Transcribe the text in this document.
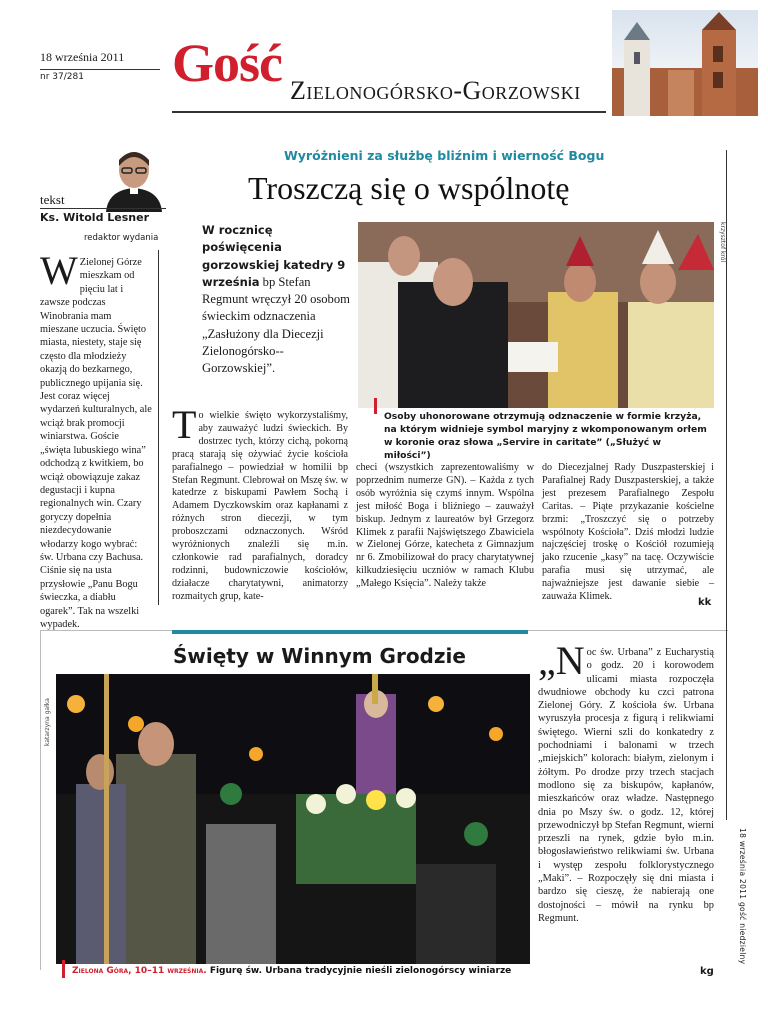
18 września 2011
nr 37/281 Gość Zielonogórsko-Gorzowski
tekst
Ks. Witold Lesner
redaktor wydania
W Zielonej Górze mieszkam od pięciu lat i zawsze podczas Winobrania mam mieszane uczucia. Święto miasta, niestety, staje się często dla młodzieży okazją do bezkarnego, publicznego upijania się. Jest coraz więcej wydarzeń kulturalnych, ale wciąż brak promocji winiarstwa. Goście „święta lubuskiego wina” odchodzą z kwitkiem, bo wciąż obowiązuje zakaz degustacji i kupna regionalnych win. Czary goryczy dopełnia niezdecydowanie włodarzy kogo wybrać: św. Urbana czy Bachusa. Ciśnie się na usta przysłowie „Panu Bogu świeczka, a diabłu ogarek”. Tak na wszelki wypadek.
Wyróżnieni za służbę bliźnim i wierność Bogu
Troszczą się o wspólnotę
W rocznicę poświęcenia gorzowskiej katedry 9 września bp Stefan Regmunt wręczył 20 osobom świeckim odznaczenia „Zasłużony dla Diecezji Zielonogórsko--Gorzowskiej”.
krzysztof król
Osoby uhonorowane otrzymują odznaczenie w formie krzyża, na którym widnieje symbol maryjny z wkomponowanym orłem w koronie oraz słowa „Servire in caritate” („Służyć w miłości”)
To wielkie święto wykorzystaliśmy, aby zauważyć ludzi świeckich. By dostrzec tych, którzy cichą, pokorną pracą starają się ożywiać życie kościoła parafialnego – powiedział w homilii bp Stefan Regmunt. Clebrował on Mszę św. w katedrze z biskupami Pawłem Sochą i Adamem Dyczkowskim oraz kapłanami z różnych stron diecezji, w tym proboszczami odznaczonych. Wśród wyróżnionych znaleźli się m.in. członkowie rad parafialnych, doradcy rodzinni, budowniczowie kościołów, działacze charytatywni, animatorzy rozmaitych grup, kate-
checi (wszystkich zaprezentowaliśmy w poprzednim numerze GN). – Każda z tych osób wyróżnia się czymś innym. Wspólna jest miłość Boga i bliźniego – zauważył biskup. Jednym z laureatów był Grzegorz Klimek z parafii Najświętszego Zbawiciela w Zielonej Górze, katecheta z Gimnazjum nr 6. Zmobilizował do pracy charytatywnej kilkudziesięciu uczniów w ramach Klubu „Małego Księcia”. Należy także
do Diecezjalnej Rady Duszpasterskiej i Parafialnej Rady Duszpasterskiej, a także jest prezesem Parafialnego Zespołu Caritas. – Piąte przykazanie kościelne brzmi: „Troszczyć się o potrzeby wspólnoty Kościoła”. Dziś młodzi ludzie najczęściej troskę o Kościół rozumieją jako rzucenie „kasy” na tacę. Oczywiście parafia musi się utrzymać, ale najważniejsze jest dawanie siebie – zauważa Klimek.
kk
Święty w Winnym Grodzie
katarzyna gałka
Zielona Góra, 10–11 września. Figurę św. Urbana tradycyjnie nieśli zielonogórscy winiarze
„Noc św. Urbana” z Eucharystią o godz. 20 i korowodem ulicami miasta rozpoczęła dwudniowe obchody ku czci patrona Zielonej Góry. Z kościoła św. Urbana wyruszyła procesja z figurą i relikwiami świętego. Wierni szli do konkatedry z pochodniami i balonami w trzech „miejskich” kolorach: białym, zielonym i żółtym. Po drodze przy trzech stacjach modlono się za biskupów, kapłanów, mieszkańców oraz władze. Następnego dnia po Mszy św. o godz. 12, której przewodniczył bp Stefan Regmunt, wierni przeszli na rynek, gdzie było m.in. błogosławieństwo relikwiami św. Urbana i występ zespołu folklorystycznego „Maki”. – Rozpoczęły się dni miasta i bardzo się cieszę, że nabierają one dostojności – mówił na rynku bp Regmunt.
kg
18 września 2011 gość niedzielny
